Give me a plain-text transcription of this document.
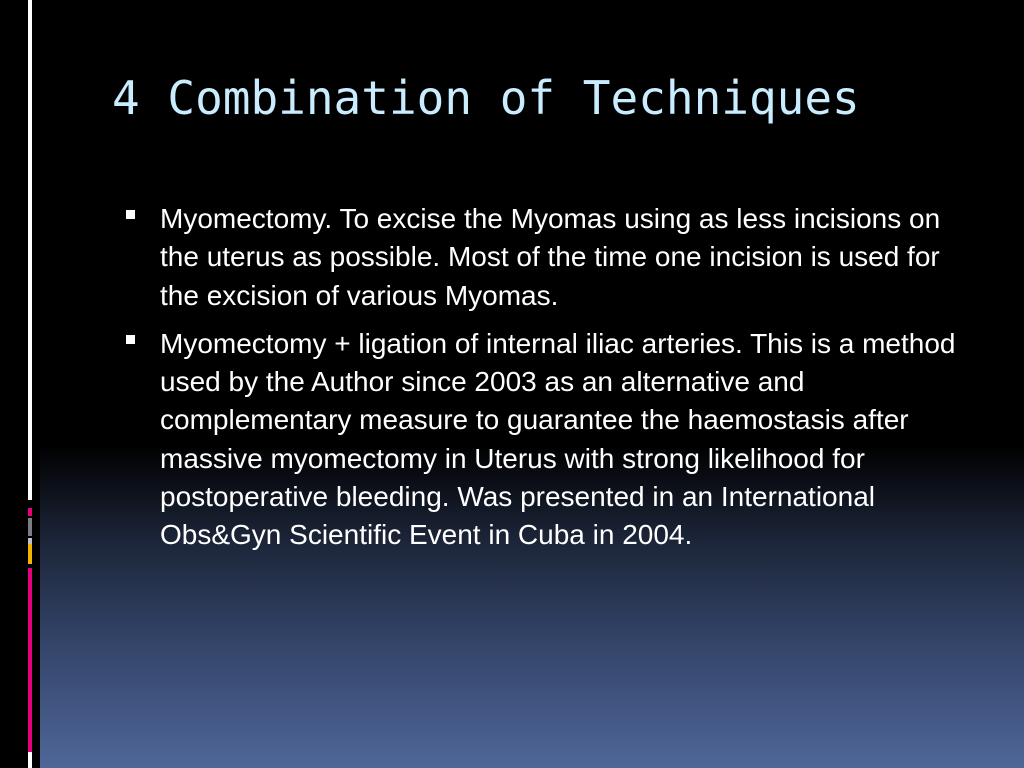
4 Combination of Techniques
Myomectomy. To excise the Myomas using as less incisions on the uterus as possible. Most of the time one incision is used for the excision of various Myomas.
Myomectomy + ligation of internal iliac arteries. This is a method used by the Author since 2003 as an alternative and complementary measure to guarantee the haemostasis after massive myomectomy in Uterus with strong likelihood for postoperative bleeding. Was presented in an International Obs&Gyn Scientific Event in Cuba in 2004.
